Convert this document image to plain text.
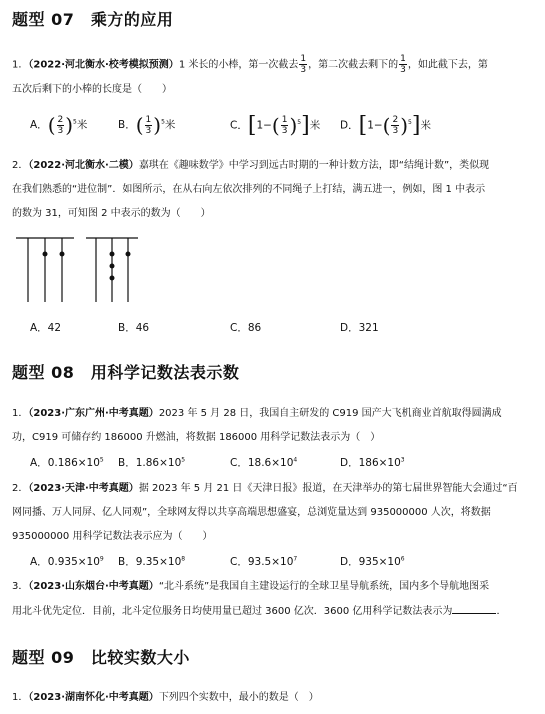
题型 07　乘方的应用
1．（2022·河北衡水·校考模拟预测）1 米长的小棒，第一次截去 $\frac{1}{3}$ ，第二次截去剩下的 $\frac{1}{3}$ ，如此截下去，第
五次后剩下的小棒的长度是（　　）
A．( $\frac{2}{3} )^5$米	B．( $\frac{1}{3} )^5$米	C．$[1-( \frac{1}{3} )^5]$米 D．$[1-( \frac{2}{3} )^5]$米
2．（2022·河北衡水·二模）嘉琪在《趣味数学》中学习到远古时期的一种计数方法，即“结绳计数”，类似现
在我们熟悉的“进位制”．如图所示，在从右向左依次排列的不同绳子上打结，满五进一，例如，图 1 中表示
的数为 31，可知图 2 中表示的数为（　　）
A．42	B．46	C．86	D．321
题型 08　用科学记数法表示数
1．（2023·广东广州·中考真题）2023 年 5 月 28 日，我国自主研发的 C919 国产大飞机商业首航取得圆满成
功，C919 可储存约 186000 升燃油，将数据 186000 用科学记数法表示为（　）
A．$0.186\times 10^5$ B．$1.86\times 10^5$	C．$18.6\times 10^4$	D．$186\times 10^3$
2．（2023·天津·中考真题）据 2023 年 5 月 21 日《天津日报》报道，在天津举办的第七届世界智能大会通过“百
网同播、万人同屏、亿人同观”，全球网友得以共享高端思想盛宴，总浏览量达到 935000000 人次，将数据
935000000 用科学记数法表示应为（　　）
A．$0.935\times 10^9$ B．$9.35\times 10^8$	C．$93.5\times 10^7$	D．$935\times 10^6$
3．（2023·山东烟台·中考真题）“北斗系统”是我国自主建设运行的全球卫星导航系统，国内多个导航地图采
用北斗优先定位．目前，北斗定位服务日均使用量已超过 3600 亿次．3600 亿用科学记数法表示为	．
题型 09　比较实数大小
1．（2023·湖南怀化·中考真题）下列四个实数中，最小的数是（　）
